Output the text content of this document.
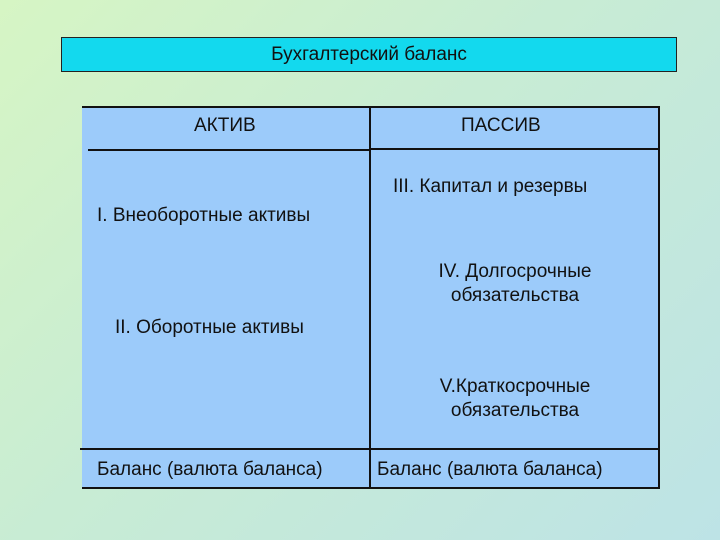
Бухгалтерский баланс
АКТИВ	ПАССИВ
I. Внеоборотные активы
II. Оборотные активы
III. Капитал и резервы
IV. Долгосрочные
обязательства
V.Краткосрочные
обязательства
Баланс (валюта баланса)	Баланс (валюта баланса)
